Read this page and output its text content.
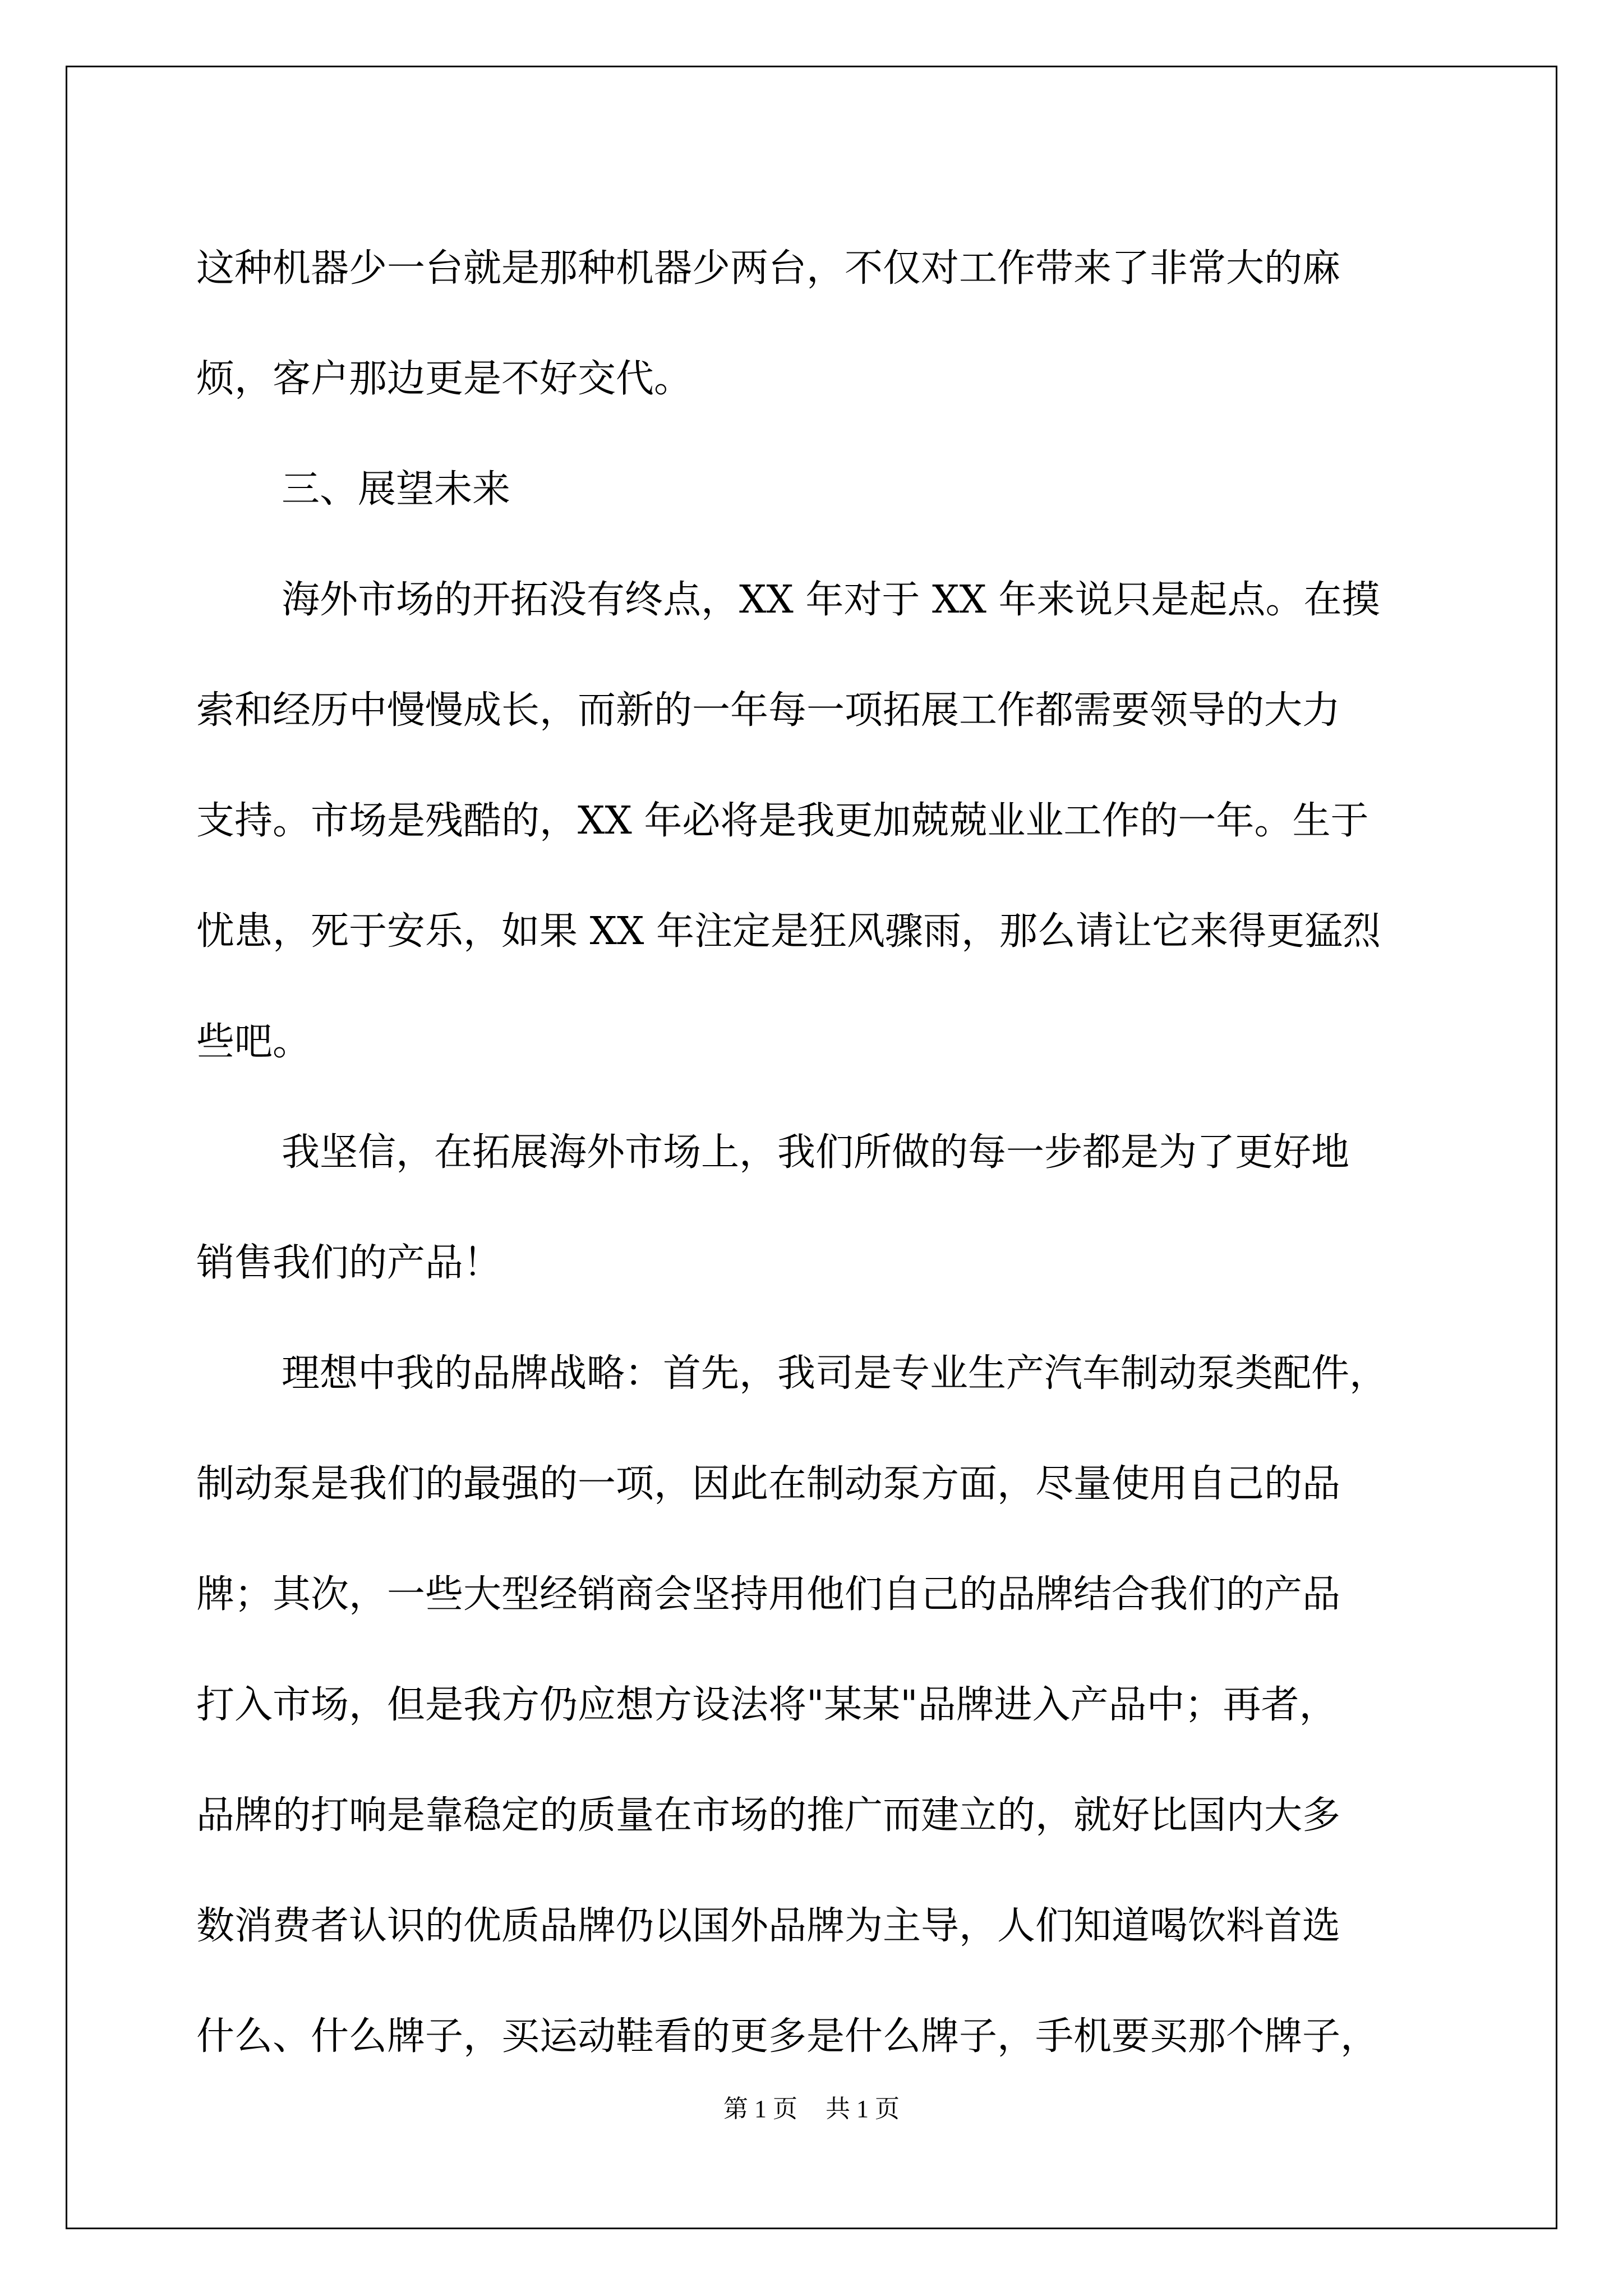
这种机器少一台就是那种机器少两台，不仅对工作带来了非常大的麻
烦，客户那边更是不好交代。
三、展望未来
海外市场的开拓没有终点，XX 年对于 XX 年来说只是起点。在摸
索和经历中慢慢成长，而新的一年每一项拓展工作都需要领导的大力
支持。市场是残酷的，XX 年必将是我更加兢兢业业工作的一年。生于
忧患，死于安乐，如果 XX 年注定是狂风骤雨，那么请让它来得更猛烈
些吧。
我坚信，在拓展海外市场上，我们所做的每一步都是为了更好地
销售我们的产品！
理想中我的品牌战略：首先，我司是专业生产汽车制动泵类配件，
制动泵是我们的最强的一项，因此在制动泵方面，尽量使用自己的品
牌；其次，一些大型经销商会坚持用他们自己的品牌结合我们的产品
打入市场，但是我方仍应想方设法将"某某"品牌进入产品中；再者，
品牌的打响是靠稳定的质量在市场的推广而建立的，就好比国内大多
数消费者认识的优质品牌仍以国外品牌为主导，人们知道喝饮料首选
什么、什么牌子，买运动鞋看的更多是什么牌子，手机要买那个牌子，
第 1 页 共 1 页
